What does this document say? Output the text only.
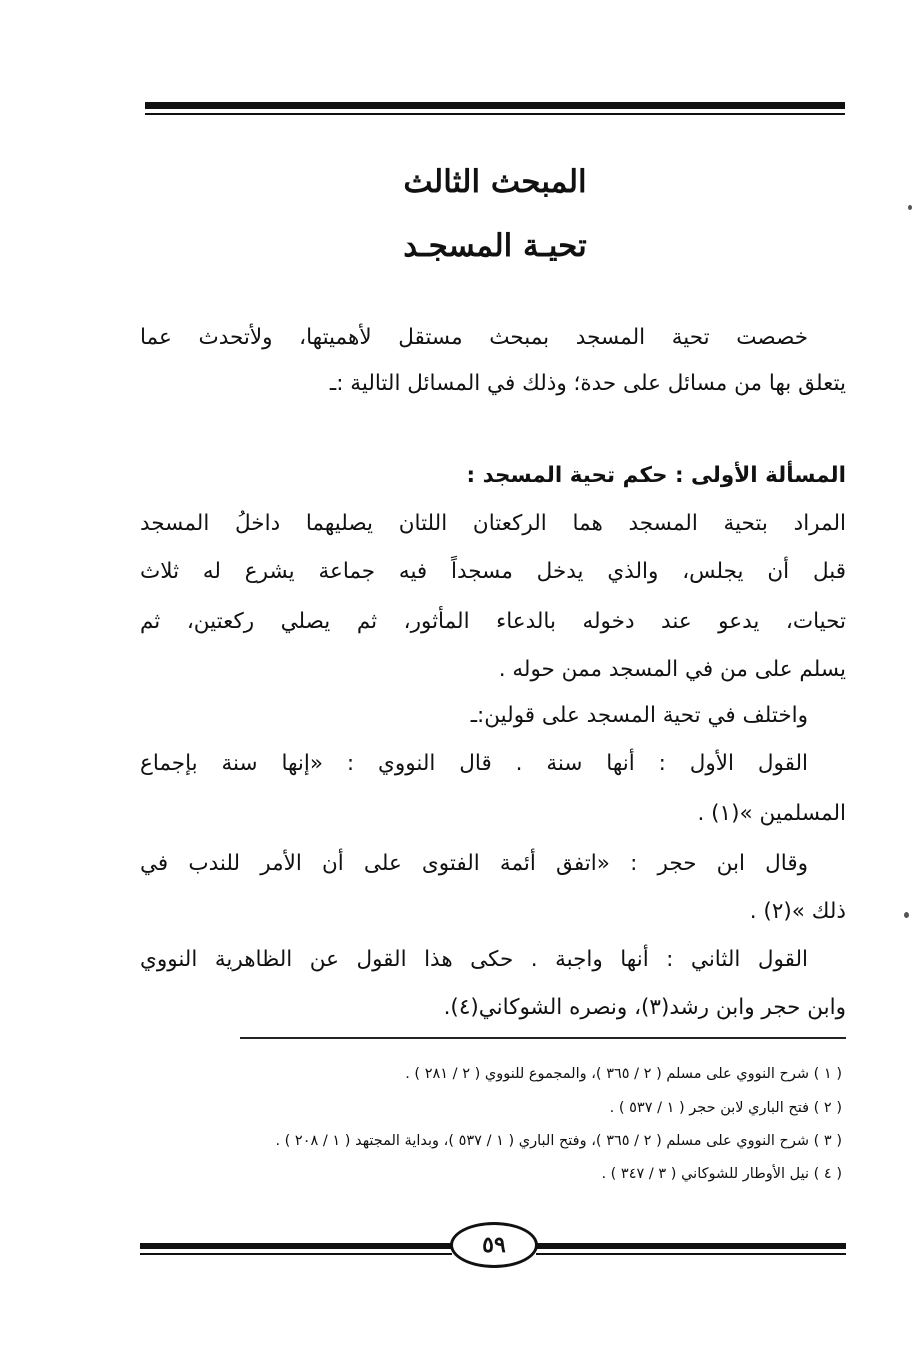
المبحث الثالث
تحيـة المسجـد
خصصت تحية المسجد بمبحث مستقل لأهميتها، ولأتحدث عما
يتعلق بها من مسائل على حدة؛ وذلك في المسائل التالية :ـ
المسألة الأولى : حكم تحية المسجد :
المراد بتحية المسجد هما الركعتان اللتان يصليهما داخلُ المسجد
قبل أن يجلس، والذي يدخل مسجداً فيه جماعة يشرع له ثلاث
تحيات، يدعو عند دخوله بالدعاء المأثور، ثم يصلي ركعتين، ثم
يسلم على من في المسجد ممن حوله .
واختلف في تحية المسجد على قولين:ـ
القول الأول : أنها سنة . قال النووي : «إنها سنة بإجماع
المسلمين »(١) .
وقال ابن حجر : «اتفق أئمة الفتوى على أن الأمر للندب في
ذلك »(٢) .
القول الثاني : أنها واجبة . حكى هذا القول عن الظاهرية النووي
وابن حجر وابن رشد(٣)، ونصره الشوكاني(٤).
( ١ ) شرح النووي على مسلم ( ٢ / ٣٦٥ )، والمجموع للنووي ( ٢ / ٢٨١ ) .
( ٢ ) فتح الباري لابن حجر ( ١ / ٥٣٧ ) .
( ٣ ) شرح النووي على مسلم ( ٢ / ٣٦٥ )، وفتح الباري ( ١ / ٥٣٧ )، وبداية المجتهد ( ١ / ٢٠٨ ) .
( ٤ ) نيل الأوطار للشوكاني ( ٣ / ٣٤٧ ) .
٥٩
